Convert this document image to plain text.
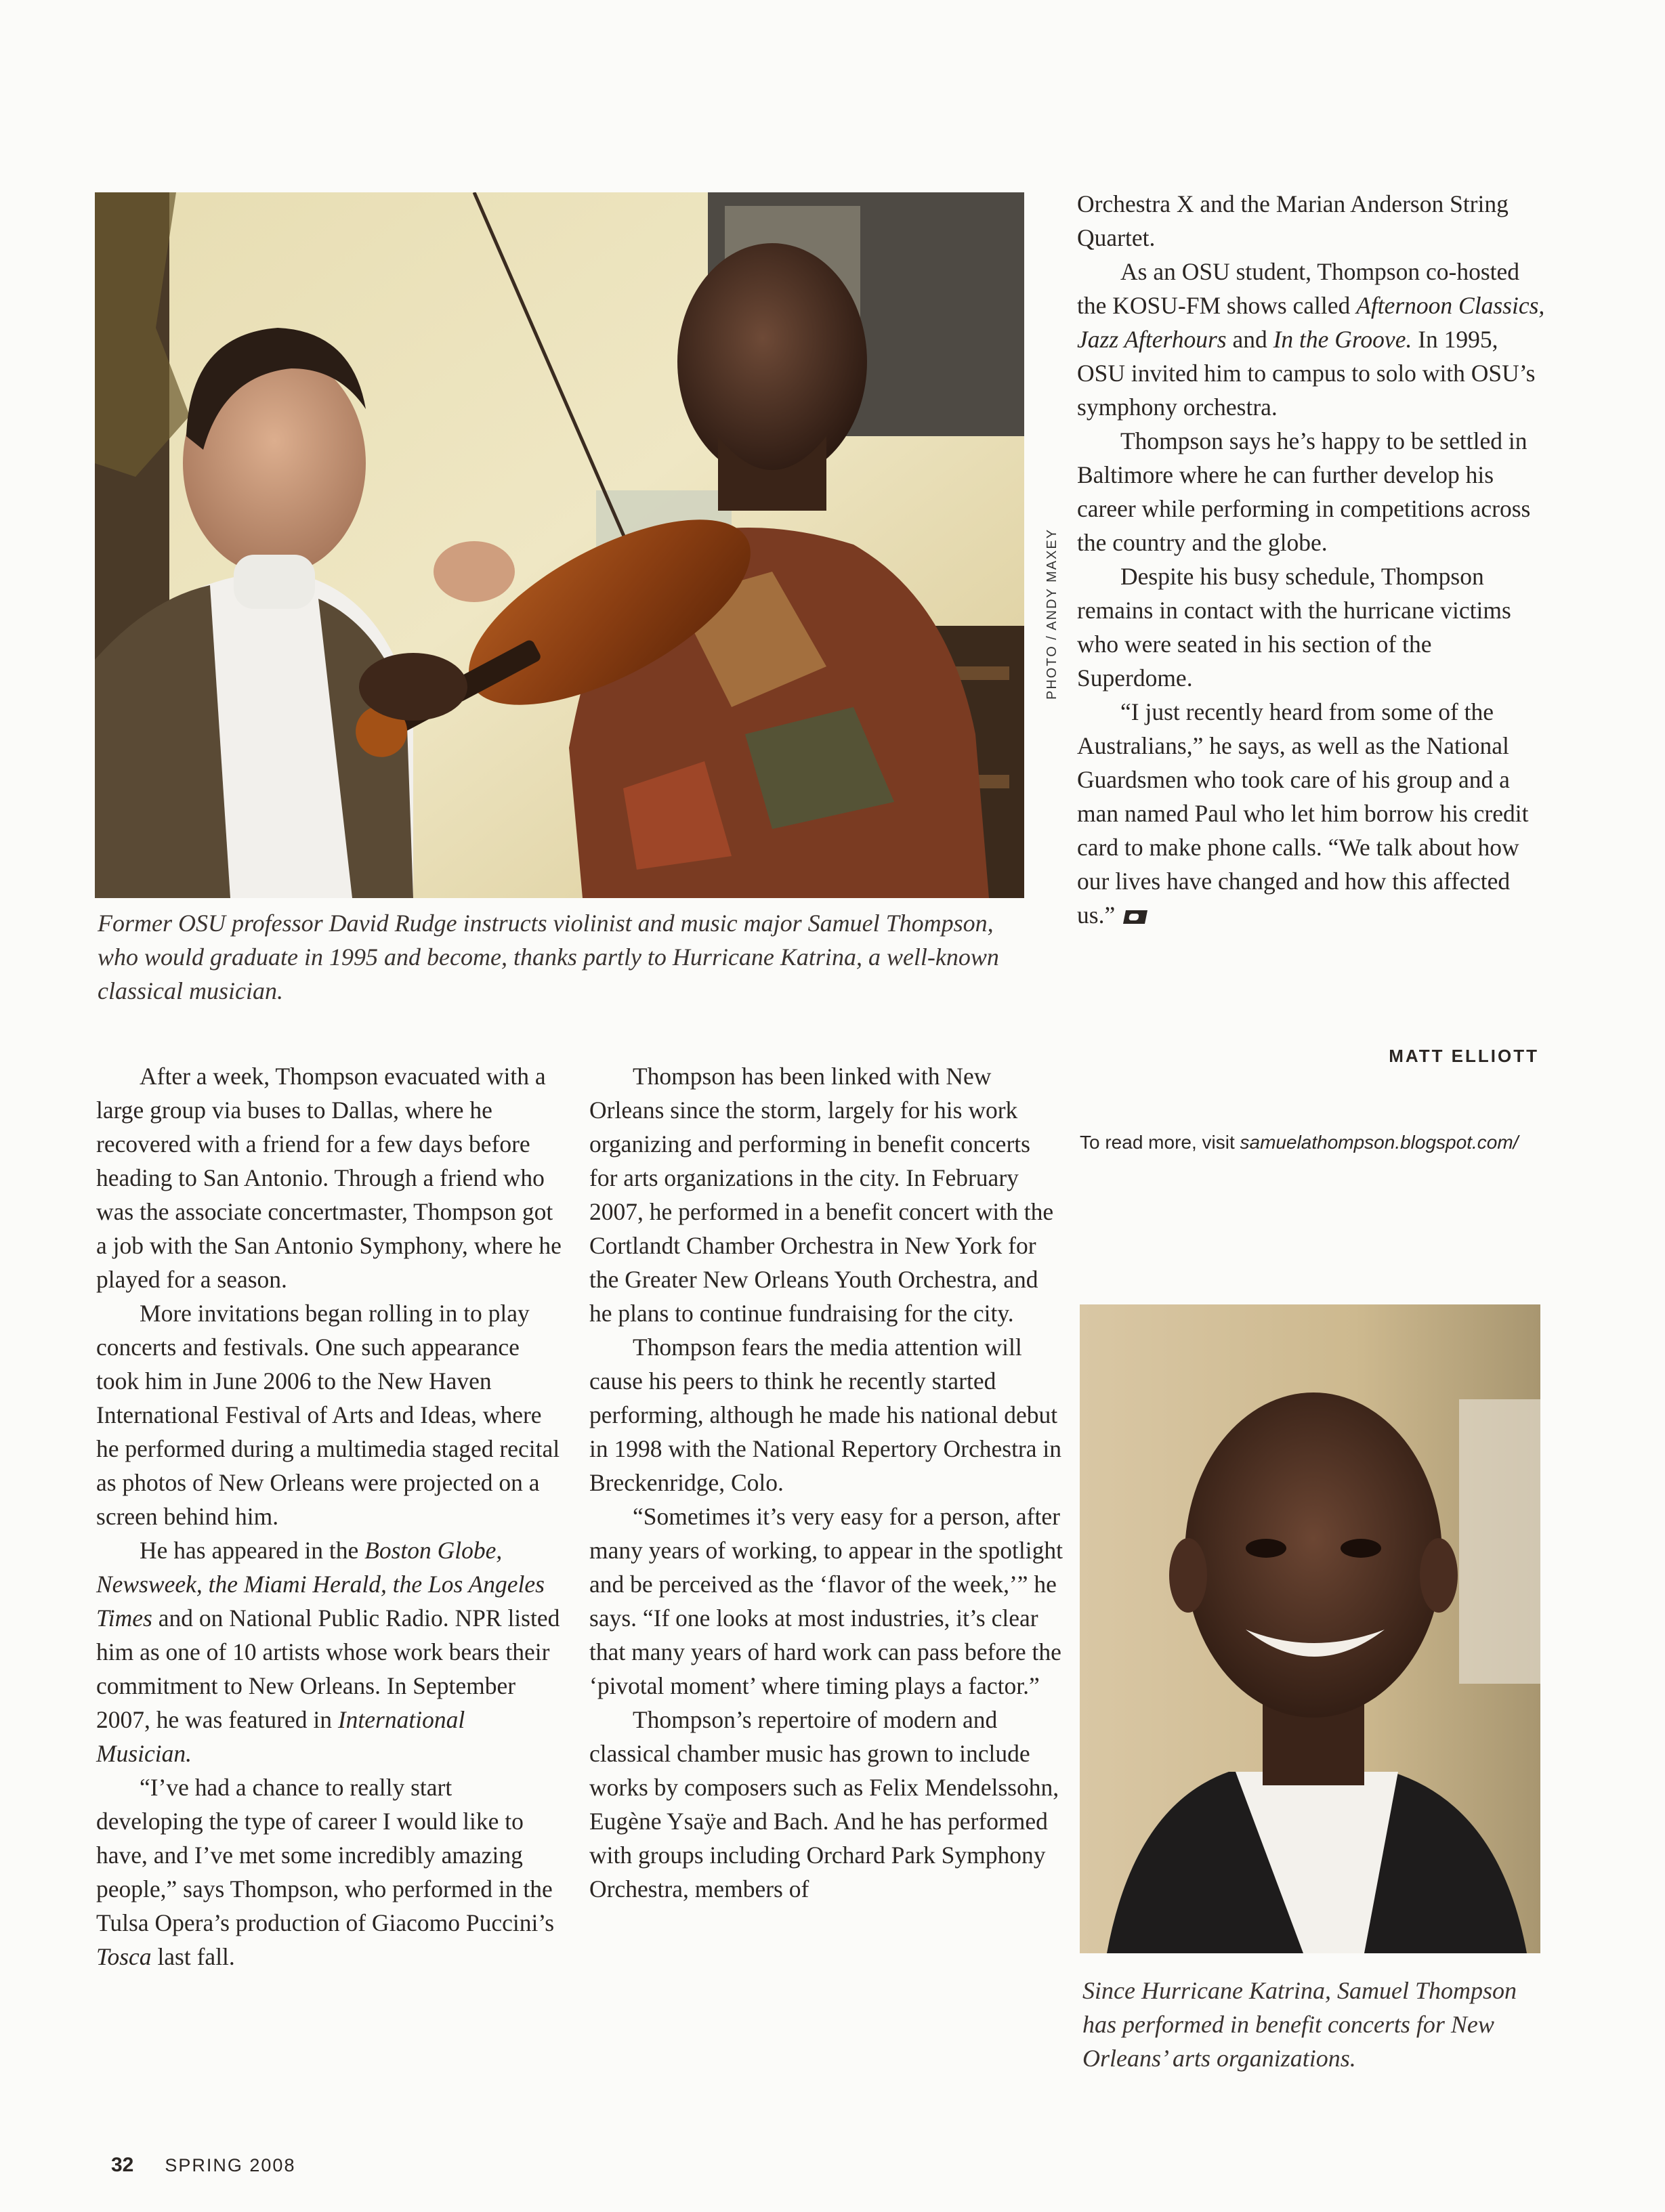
PHOTO / ANDY MAXEY
Former OSU professor David Rudge instructs violinist and music major Samuel Thompson, who would graduate in 1995 and become, thanks partly to Hurricane Katrina, a well-known classical musician.

After a week, Thompson evacuated with a large group via buses to Dallas, where he recovered with a friend for a few days before heading to San Antonio. Through a friend who was the associate concertmaster, Thompson got a job with the San Antonio Symphony, where he played for a season.

More invitations began rolling in to play concerts and festivals. One such appearance took him in June 2006 to the New Haven International Festival of Arts and Ideas, where he performed during a multimedia staged recital as photos of New Orleans were projected on a screen behind him.

He has appeared in the Boston Globe, Newsweek, the Miami Herald, the Los Angeles Times and on National Public Radio. NPR listed him as one of 10 artists whose work bears their commitment to New Orleans. In September 2007, he was featured in International Musician.

“I’ve had a chance to really start developing the type of career I would like to have, and I’ve met some incredibly amazing people,” says Thompson, who performed in the Tulsa Opera’s production of Giacomo Puccini’s Tosca last fall.

Thompson has been linked with New Orleans since the storm, largely for his work organizing and performing in benefit concerts for arts organizations in the city. In February 2007, he performed in a benefit concert with the Cortlandt Chamber Orchestra in New York for the Greater New Orleans Youth Orchestra, and he plans to continue fundraising for the city.

Thompson fears the media attention will cause his peers to think he recently started performing, although he made his national debut in 1998 with the National Repertory Orchestra in Breckenridge, Colo.

“Sometimes it’s very easy for a person, after many years of working, to appear in the spotlight and be perceived as the ‘flavor of the week,’” he says. “If one looks at most industries, it’s clear that many years of hard work can pass before the ‘pivotal moment’ where timing plays a factor.”

Thompson’s repertoire of modern and classical chamber music has grown to include works by composers such as Felix Mendelssohn, Eugène Ysaÿe and Bach. And he has performed with groups including Orchard Park Symphony Orchestra, members of

Orchestra X and the Marian Anderson String Quartet.

As an OSU student, Thompson co-hosted the KOSU-FM shows called Afternoon Classics, Jazz Afterhours and In the Groove. In 1995, OSU invited him to campus to solo with OSU’s symphony orchestra.

Thompson says he’s happy to be settled in Baltimore where he can further develop his career while performing in competitions across the country and the globe.

Despite his busy schedule, Thompson remains in contact with the hurricane victims who were seated in his section of the Superdome.

“I just recently heard from some of the Australians,” he says, as well as the National Guardsmen who took care of his group and a man named Paul who let him borrow his credit card to make phone calls. “We talk about how our lives have changed and how this affected us.”

MATT ELLIOTT
To read more, visit samuelathompson.blogspot.com/
Since Hurricane Katrina, Samuel Thompson has performed in benefit concerts for New Orleans’ arts organizations.
32 SPRING 2008
